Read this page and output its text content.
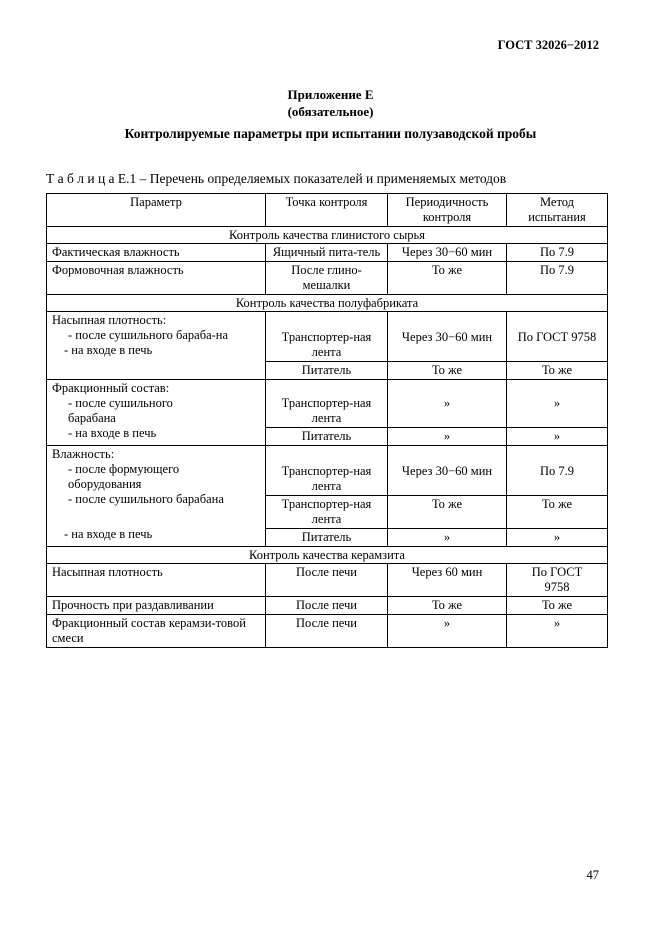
ГОСТ 32026−2012
Приложение Е
(обязательное)
Контролируемые параметры при испытании полузаводской пробы
Т а б л и ц а Е.1 – Перечень определяемых показателей и применяемых методов
Параметр	Точка контроля	Периодичность контроля	Метод испытания
Контроль качества глинистого сырья			
Фактическая влажность	Ящичный пита-тель	Через 30−60 мин	По 7.9
Формовочная влажность	После глино-мешалки	То же	По 7.9
Контроль качества полуфабриката			

Насыпная плотность:
- после сушильного бараба-на
- на входе в печь	Транспортер-ная лента	Через 30−60 мин	По ГОСТ 9758
	Питатель	То же	То же

Фракционный состав:
- после сушильного барабана
- на входе в печь	Транспортер-ная лента	»	»
	Питатель	»	»

Влажность:
- после формующего оборудования
- после сушильного барабана
- на входе в печь	Транспортер-ная лента	Через 30−60 мин	По 7.9
	Транспортер-ная лента	То же	То же
	Питатель	»	»
Контроль качества керамзита			
Насыпная плотность	После печи	Через 60 мин	По ГОСТ 9758
Прочность при раздавливании	После печи	То же	То же
Фракционный состав керамзи-товой смеси	После печи	»	»
47
